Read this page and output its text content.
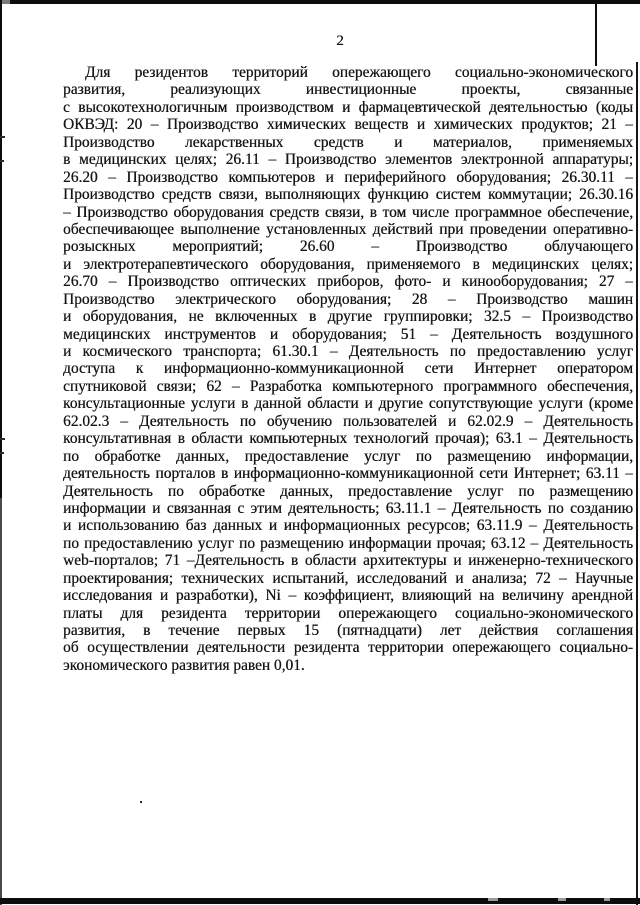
2
Для резидентов территорий опережающего социально-экономического
развития, реализующих инвестиционные проекты, связанные
с высокотехнологичным производством и фармацевтической деятельностью (коды
ОКВЭД: 20 – Производство химических веществ и химических продуктов; 21 –
Производство лекарственных средств и материалов, применяемых
в медицинских целях; 26.11 – Производство элементов электронной аппаратуры;
26.20 – Производство компьютеров и периферийного оборудования; 26.30.11 –
Производство средств связи, выполняющих функцию систем коммутации; 26.30.16
– Производство оборудования средств связи, в том числе программное обеспечение,
обеспечивающее выполнение установленных действий при проведении оперативно-
розыскных мероприятий; 26.60 – Производство облучающего
и электротерапевтического оборудования, применяемого в медицинских целях;
26.70 – Производство оптических приборов, фото- и кинооборудования; 27 –
Производство электрического оборудования; 28 – Производство машин
и оборудования, не включенных в другие группировки; 32.5 – Производство
медицинских инструментов и оборудования; 51 – Деятельность воздушного
и космического транспорта; 61.30.1 – Деятельность по предоставлению услуг
доступа к информационно-коммуникационной сети Интернет оператором
спутниковой связи; 62 – Разработка компьютерного программного обеспечения,
консультационные услуги в данной области и другие сопутствующие услуги (кроме
62.02.3 – Деятельность по обучению пользователей и 62.02.9 – Деятельность
консультативная в области компьютерных технологий прочая); 63.1 – Деятельность
по обработке данных, предоставление услуг по размещению информации,
деятельность порталов в информационно-коммуникационной сети Интернет; 63.11 –
Деятельность по обработке данных, предоставление услуг по размещению
информации и связанная с этим деятельность; 63.11.1 – Деятельность по созданию
и использованию баз данных и информационных ресурсов; 63.11.9 – Деятельность
по предоставлению услуг по размещению информации прочая; 63.12 – Деятельность
web-порталов; 71 –Деятельность в области архитектуры и инженерно-технического
проектирования; технических испытаний, исследований и анализа; 72 – Научные
исследования и разработки), Ni – коэффициент, влияющий на величину арендной
платы для резидента территории опережающего социально-экономического
развития, в течение первых 15 (пятнадцати) лет действия соглашения
об осуществлении деятельности резидента территории опережающего социально-
экономического развития равен 0,01.
